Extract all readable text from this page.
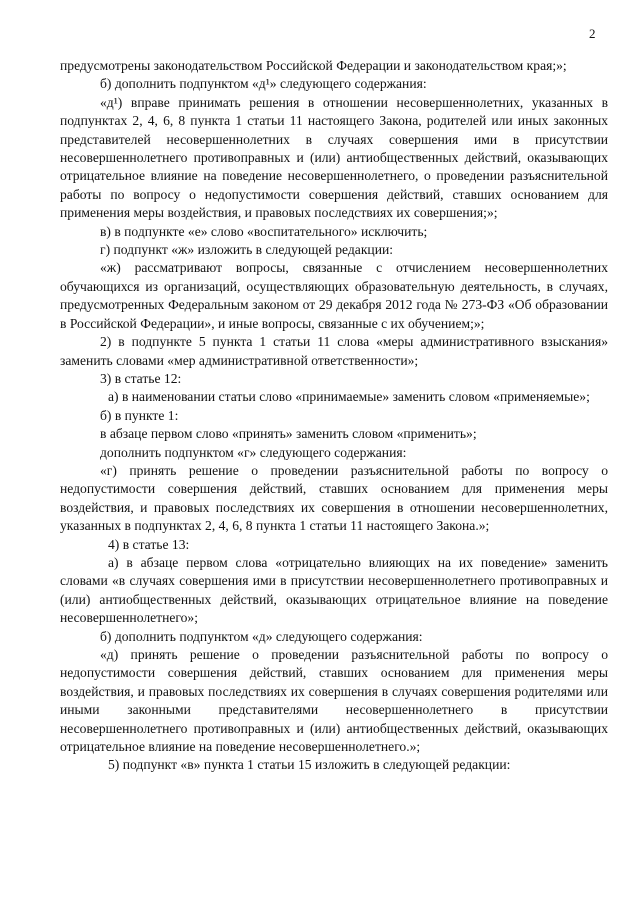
2

предусмотрены законодательством Российской Федерации и законодательством края;»;

б) дополнить подпунктом «д¹» следующего содержания:

«д¹) вправе принимать решения в отношении несовершеннолетних, указанных в подпунктах 2, 4, 6, 8 пункта 1 статьи 11 настоящего Закона, родителей или иных законных представителей несовершеннолетних в случаях совершения ими в присутствии несовершеннолетнего противоправных и (или) антиобщественных действий, оказывающих отрицательное влияние на поведение несовершеннолетнего, о проведении разъяснительной работы по вопросу о недопустимости совершения действий, ставших основанием для применения меры воздействия, и правовых последствиях их совершения;»;

в) в подпункте «е» слово «воспитательного» исключить;

г) подпункт «ж» изложить в следующей редакции:

«ж) рассматривают вопросы, связанные с отчислением несовершеннолетних обучающихся из организаций, осуществляющих образовательную деятельность, в случаях, предусмотренных Федеральным законом от 29 декабря 2012 года № 273-ФЗ «Об образовании в Российской Федерации», и иные вопросы, связанные с их обучением;»;

2) в подпункте 5 пункта 1 статьи 11 слова «меры административного взыскания» заменить словами «мер административной ответственности»;

3) в статье 12:

а) в наименовании статьи слово «принимаемые» заменить словом «применяемые»;

б) в пункте 1:

в абзаце первом слово «принять» заменить словом «применить»;

дополнить подпунктом «г» следующего содержания:

«г) принять решение о проведении разъяснительной работы по вопросу о недопустимости совершения действий, ставших основанием для применения меры воздействия, и правовых последствиях их совершения в отношении несовершеннолетних, указанных в подпунктах 2, 4, 6, 8 пункта 1 статьи 11 настоящего Закона.»;

4) в статье 13:

а) в абзаце первом слова «отрицательно влияющих на их поведение» заменить словами «в случаях совершения ими в присутствии несовершеннолетнего противоправных и (или) антиобщественных действий, оказывающих отрицательное влияние на поведение несовершеннолетнего»;

б) дополнить подпунктом «д» следующего содержания:

«д) принять решение о проведении разъяснительной работы по вопросу о недопустимости совершения действий, ставших основанием для применения меры воздействия, и правовых последствиях их совершения в случаях совершения родителями или иными законными представителями несовершеннолетнего в присутствии несовершеннолетнего противоправных и (или) антиобщественных действий, оказывающих отрицательное влияние на поведение несовершеннолетнего.»;

5) подпункт «в» пункта 1 статьи 15 изложить в следующей редакции:
